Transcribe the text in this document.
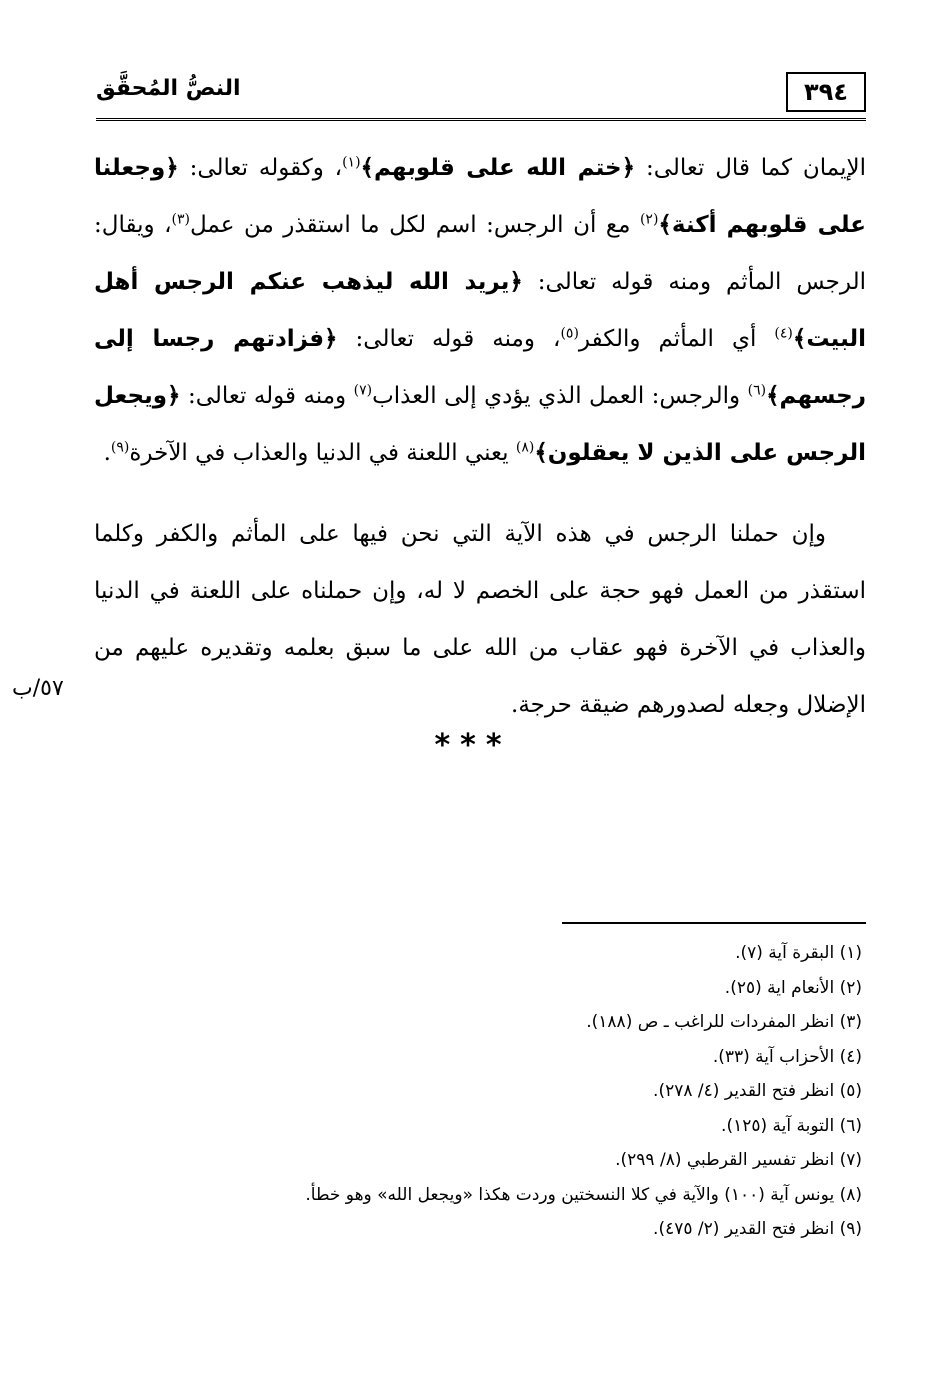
٣٩٤
النصُّ المُحقَّق

الإيمان كما قال تعالى: ﴿ختم الله على قلوبهم﴾$^{(١)}$، وكقوله تعالى: ﴿وجعلنا على قلوبهم أكنة﴾$^{(٢)}$ مع أن الرجس: اسم لكل ما استقذر من عمل$^{(٣)}$، ويقال: الرجس المأثم ومنه قوله تعالى: ﴿يريد الله ليذهب عنكم الرجس أهل البيت﴾$^{(٤)}$ أي المأثم والكفر$^{(٥)}$، ومنه قوله تعالى: ﴿فزادتهم رجسا إلى رجسهم﴾$^{(٦)}$ والرجس: العمل الذي يؤدي إلى العذاب$^{(٧)}$ ومنه قوله تعالى: ﴿ويجعل الرجس على الذين لا يعقلون﴾$^{(٨)}$ يعني اللعنة في الدنيا والعذاب في الآخرة$^{(٩)}$.

وإن حملنا الرجس في هذه الآية التي نحن فيها على المأثم والكفر وكلما استقذر من العمل فهو حجة على الخصم لا له، وإن حملناه على اللعنة في الدنيا والعذاب في الآخرة فهو عقاب من الله على ما سبق بعلمه وتقديره عليهم من الإضلال وجعله لصدورهم ضيقة حرجة.

٥٧/ب
***
(١) البقرة آية (٧).
(٢) الأنعام اية (٢٥).
(٣) انظر المفردات للراغب ـ ص (١٨٨).
(٤) الأحزاب آية (٣٣).
(٥) انظر فتح القدير (٤/ ٢٧٨).
(٦) التوبة آية (١٢٥).
(٧) انظر تفسير القرطبي (٨/ ٢٩٩).
(٨) يونس آية (١٠٠) والآية في كلا النسختين وردت هكذا «ويجعل الله» وهو خطأ.
(٩) انظر فتح القدير (٢/ ٤٧٥).
